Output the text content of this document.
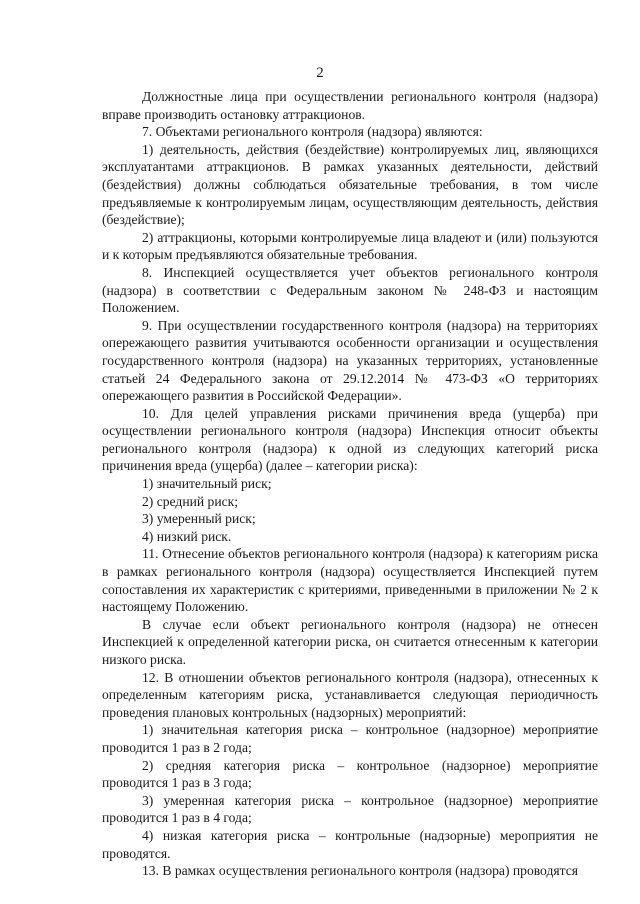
2

Должностные лица при осуществлении регионального контроля (надзора) вправе производить остановку аттракционов.

7. Объектами регионального контроля (надзора) являются:

1) деятельность, действия (бездействие) контролируемых лиц, являющихся эксплуатантами аттракционов. В рамках указанных деятельности, действий (бездействия) должны соблюдаться обязательные требования, в том числе предъявляемые к контролируемым лицам, осуществляющим деятельность, действия (бездействие);

2) аттракционы, которыми контролируемые лица владеют и (или) пользуются и к которым предъявляются обязательные требования.

8. Инспекцией осуществляется учет объектов регионального контроля (надзора) в соответствии с Федеральным законом № 248-ФЗ и настоящим Положением.

9. При осуществлении государственного контроля (надзора) на территориях опережающего развития учитываются особенности организации и осуществления государственного контроля (надзора) на указанных территориях, установленные статьей 24 Федерального закона от 29.12.2014 № 473-ФЗ «О территориях опережающего развития в Российской Федерации».

10. Для целей управления рисками причинения вреда (ущерба) при осуществлении регионального контроля (надзора) Инспекция относит объекты регионального контроля (надзора) к одной из следующих категорий риска причинения вреда (ущерба) (далее – категории риска):

1) значительный риск;

2) средний риск;

3) умеренный риск;

4) низкий риск.

11. Отнесение объектов регионального контроля (надзора) к категориям риска в рамках регионального контроля (надзора) осуществляется Инспекцией путем сопоставления их характеристик с критериями, приведенными в приложении № 2 к настоящему Положению.

В случае если объект регионального контроля (надзора) не отнесен Инспекцией к определенной категории риска, он считается отнесенным к категории низкого риска.

12. В отношении объектов регионального контроля (надзора), отнесенных к определенным категориям риска, устанавливается следующая периодичность проведения плановых контрольных (надзорных) мероприятий:

1) значительная категория риска – контрольное (надзорное) мероприятие проводится 1 раз в 2 года;

2) средняя категория риска – контрольное (надзорное) мероприятие проводится 1 раз в 3 года;

3) умеренная категория риска – контрольное (надзорное) мероприятие проводится 1 раз в 4 года;

4) низкая категория риска – контрольные (надзорные) мероприятия не проводятся.

13. В рамках осуществления регионального контроля (надзора) проводятся
